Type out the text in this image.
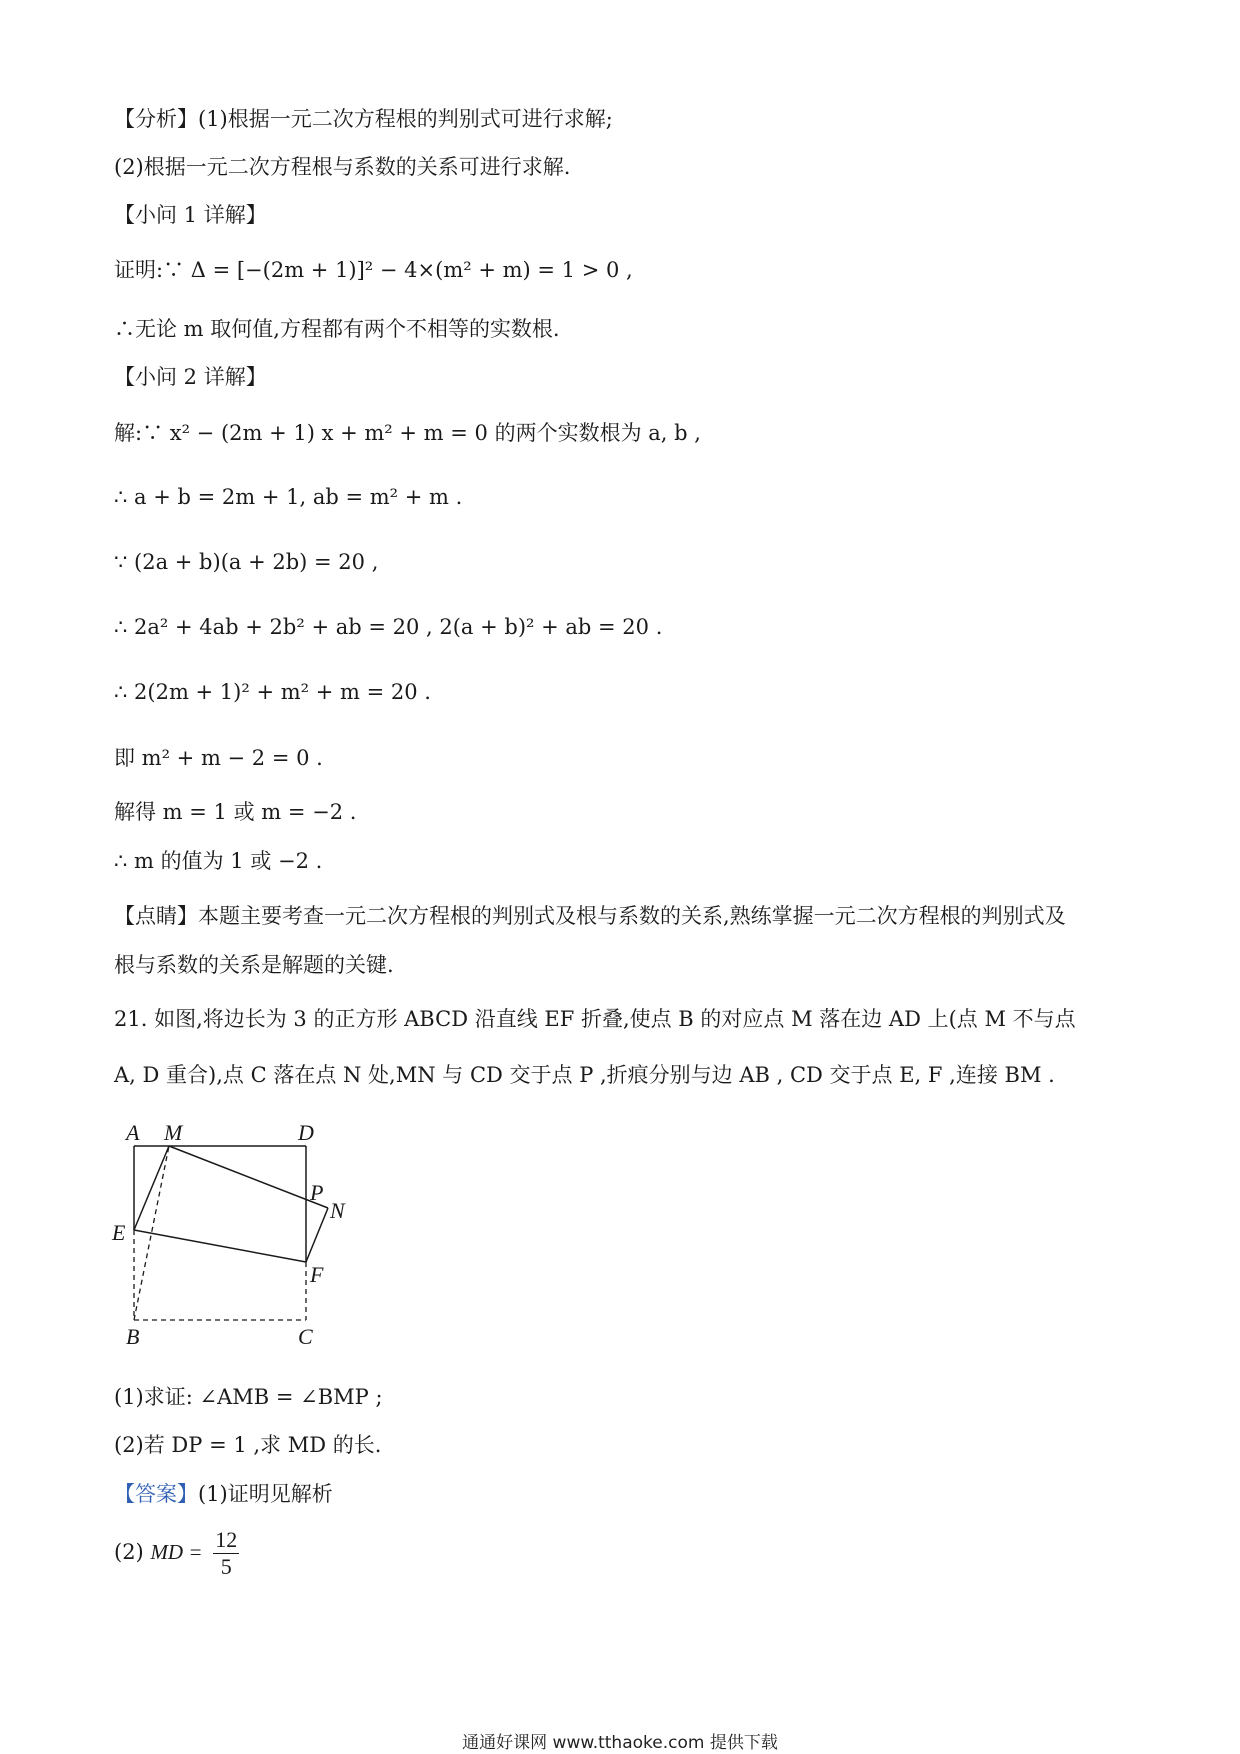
【分析】(1)根据一元二次方程根的判别式可进行求解;
(2)根据一元二次方程根与系数的关系可进行求解.
【小问 1 详解】
证明:∵ Δ = [−(2m + 1)]² − 4×(m² + m) = 1 > 0 ,
∴无论 m 取何值,方程都有两个不相等的实数根.
【小问 2 详解】
解:∵ x² − (2m + 1) x + m² + m = 0 的两个实数根为 a, b ,
∴ a + b = 2m + 1, ab = m² + m .
∵ (2a + b)(a + 2b) = 20 ,
∴ 2a² + 4ab + 2b² + ab = 20 , 2(a + b)² + ab = 20 .
∴ 2(2m + 1)² + m² + m = 20 .
即 m² + m − 2 = 0 .
解得 m = 1 或 m = −2 .
∴ m 的值为 1 或 −2 .
【点睛】本题主要考查一元二次方程根的判别式及根与系数的关系,熟练掌握一元二次方程根的判别式及
根与系数的关系是解题的关键.
21. 如图,将边长为 3 的正方形 ABCD 沿直线 EF 折叠,使点 B 的对应点 M 落在边 AD 上(点 M 不与点
A, D 重合),点 C 落在点 N 处,MN 与 CD 交于点 P ,折痕分别与边 AB , CD 交于点 E, F ,连接 BM .
A M	D
P
N
E
F
B	C
(1)求证: ∠AMB = ∠BMP ;
(2)若 DP = 1 ,求 MD 的长.
【答案】(1)证明见解析
(2) MD = $\frac{12}{5}$
通通好课网 www.tthaoke.com 提供下载
